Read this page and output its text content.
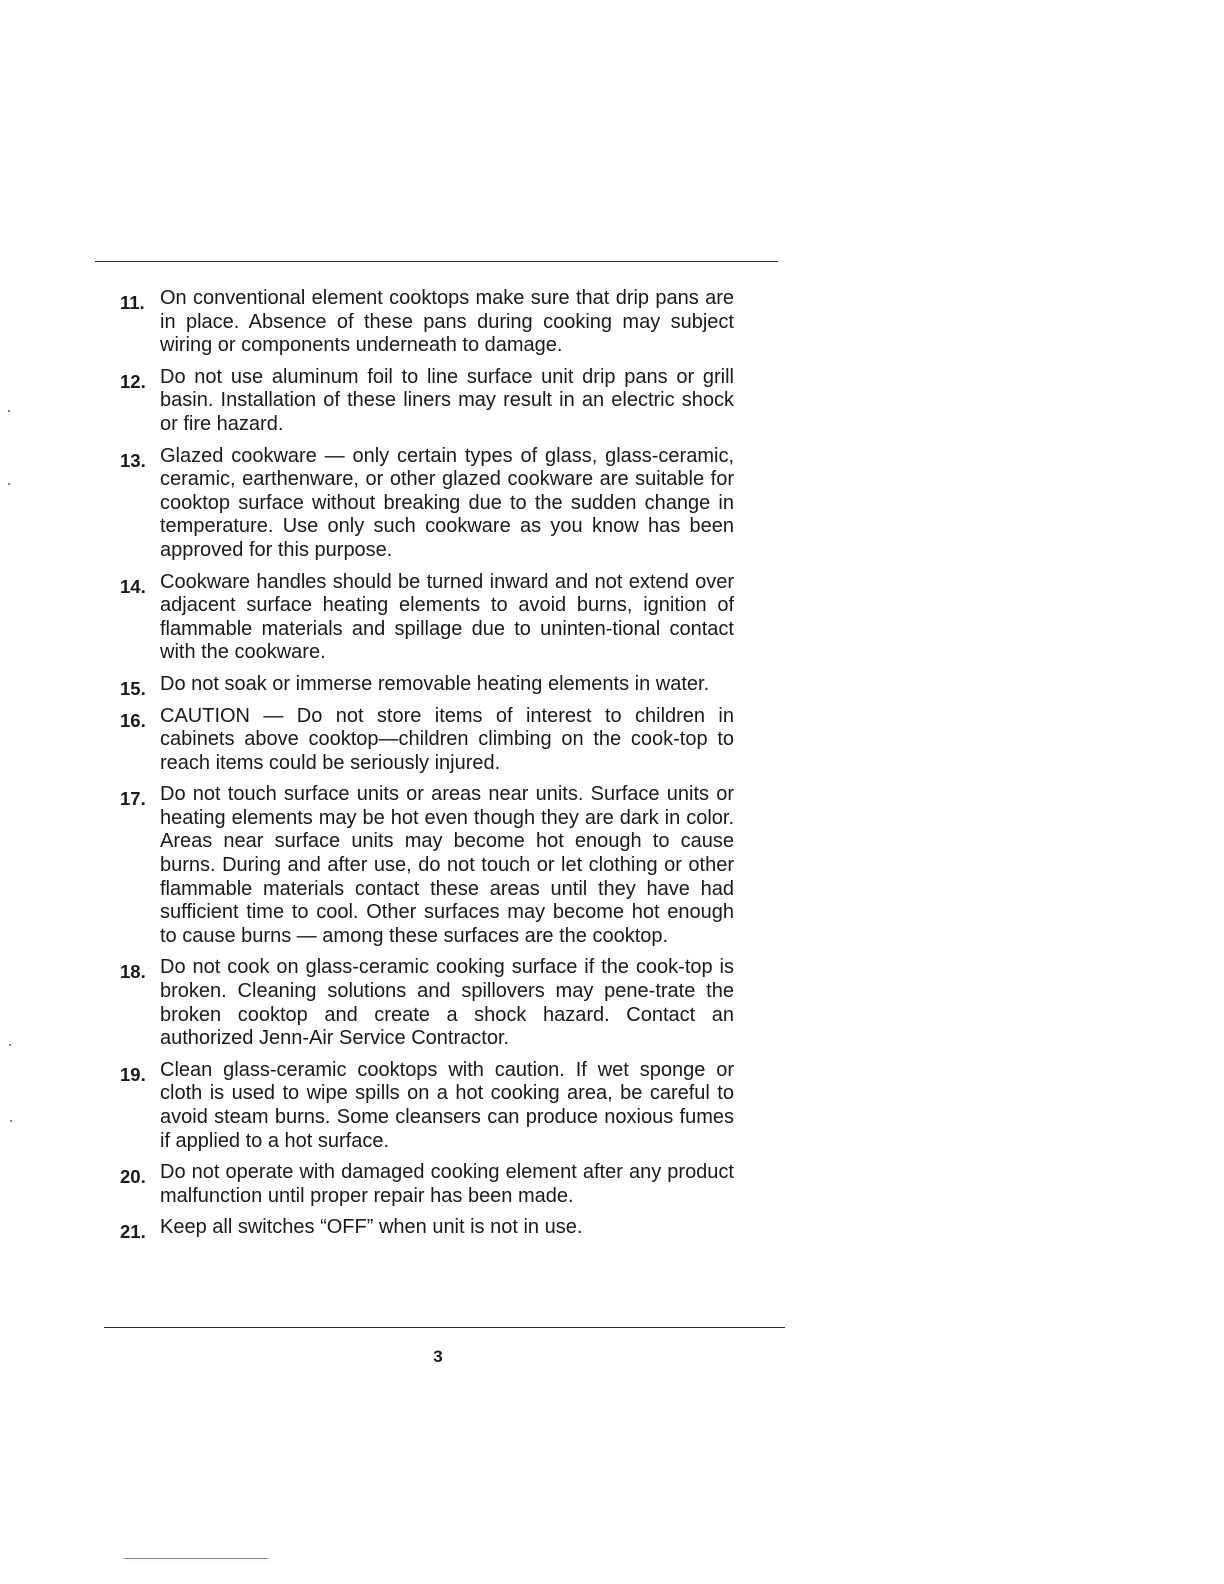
11. On conventional element cooktops make sure that drip pans are in place. Absence of these pans during cooking may subject wiring or components underneath to damage.
12. Do not use aluminum foil to line surface unit drip pans or grill basin. Installation of these liners may result in an electric shock or fire hazard.
13. Glazed cookware — only certain types of glass, glass-ceramic, ceramic, earthenware, or other glazed cookware are suitable for cooktop surface without breaking due to the sudden change in temperature. Use only such cookware as you know has been approved for this purpose.
14. Cookware handles should be turned inward and not extend over adjacent surface heating elements to avoid burns, ignition of flammable materials and spillage due to uninten-tional contact with the cookware.
15. Do not soak or immerse removable heating elements in water.
16. CAUTION — Do not store items of interest to children in cabinets above cooktop—children climbing on the cook-top to reach items could be seriously injured.
17. Do not touch surface units or areas near units. Surface units or heating elements may be hot even though they are dark in color. Areas near surface units may become hot enough to cause burns. During and after use, do not touch or let clothing or other flammable materials contact these areas until they have had sufficient time to cool. Other surfaces may become hot enough to cause burns — among these surfaces are the cooktop.
18. Do not cook on glass-ceramic cooking surface if the cook-top is broken. Cleaning solutions and spillovers may pene-trate the broken cooktop and create a shock hazard. Contact an authorized Jenn-Air Service Contractor.
19. Clean glass-ceramic cooktops with caution. If wet sponge or cloth is used to wipe spills on a hot cooking area, be careful to avoid steam burns. Some cleansers can produce noxious fumes if applied to a hot surface.
20. Do not operate with damaged cooking element after any product malfunction until proper repair has been made.
21. Keep all switches “OFF” when unit is not in use.
3
